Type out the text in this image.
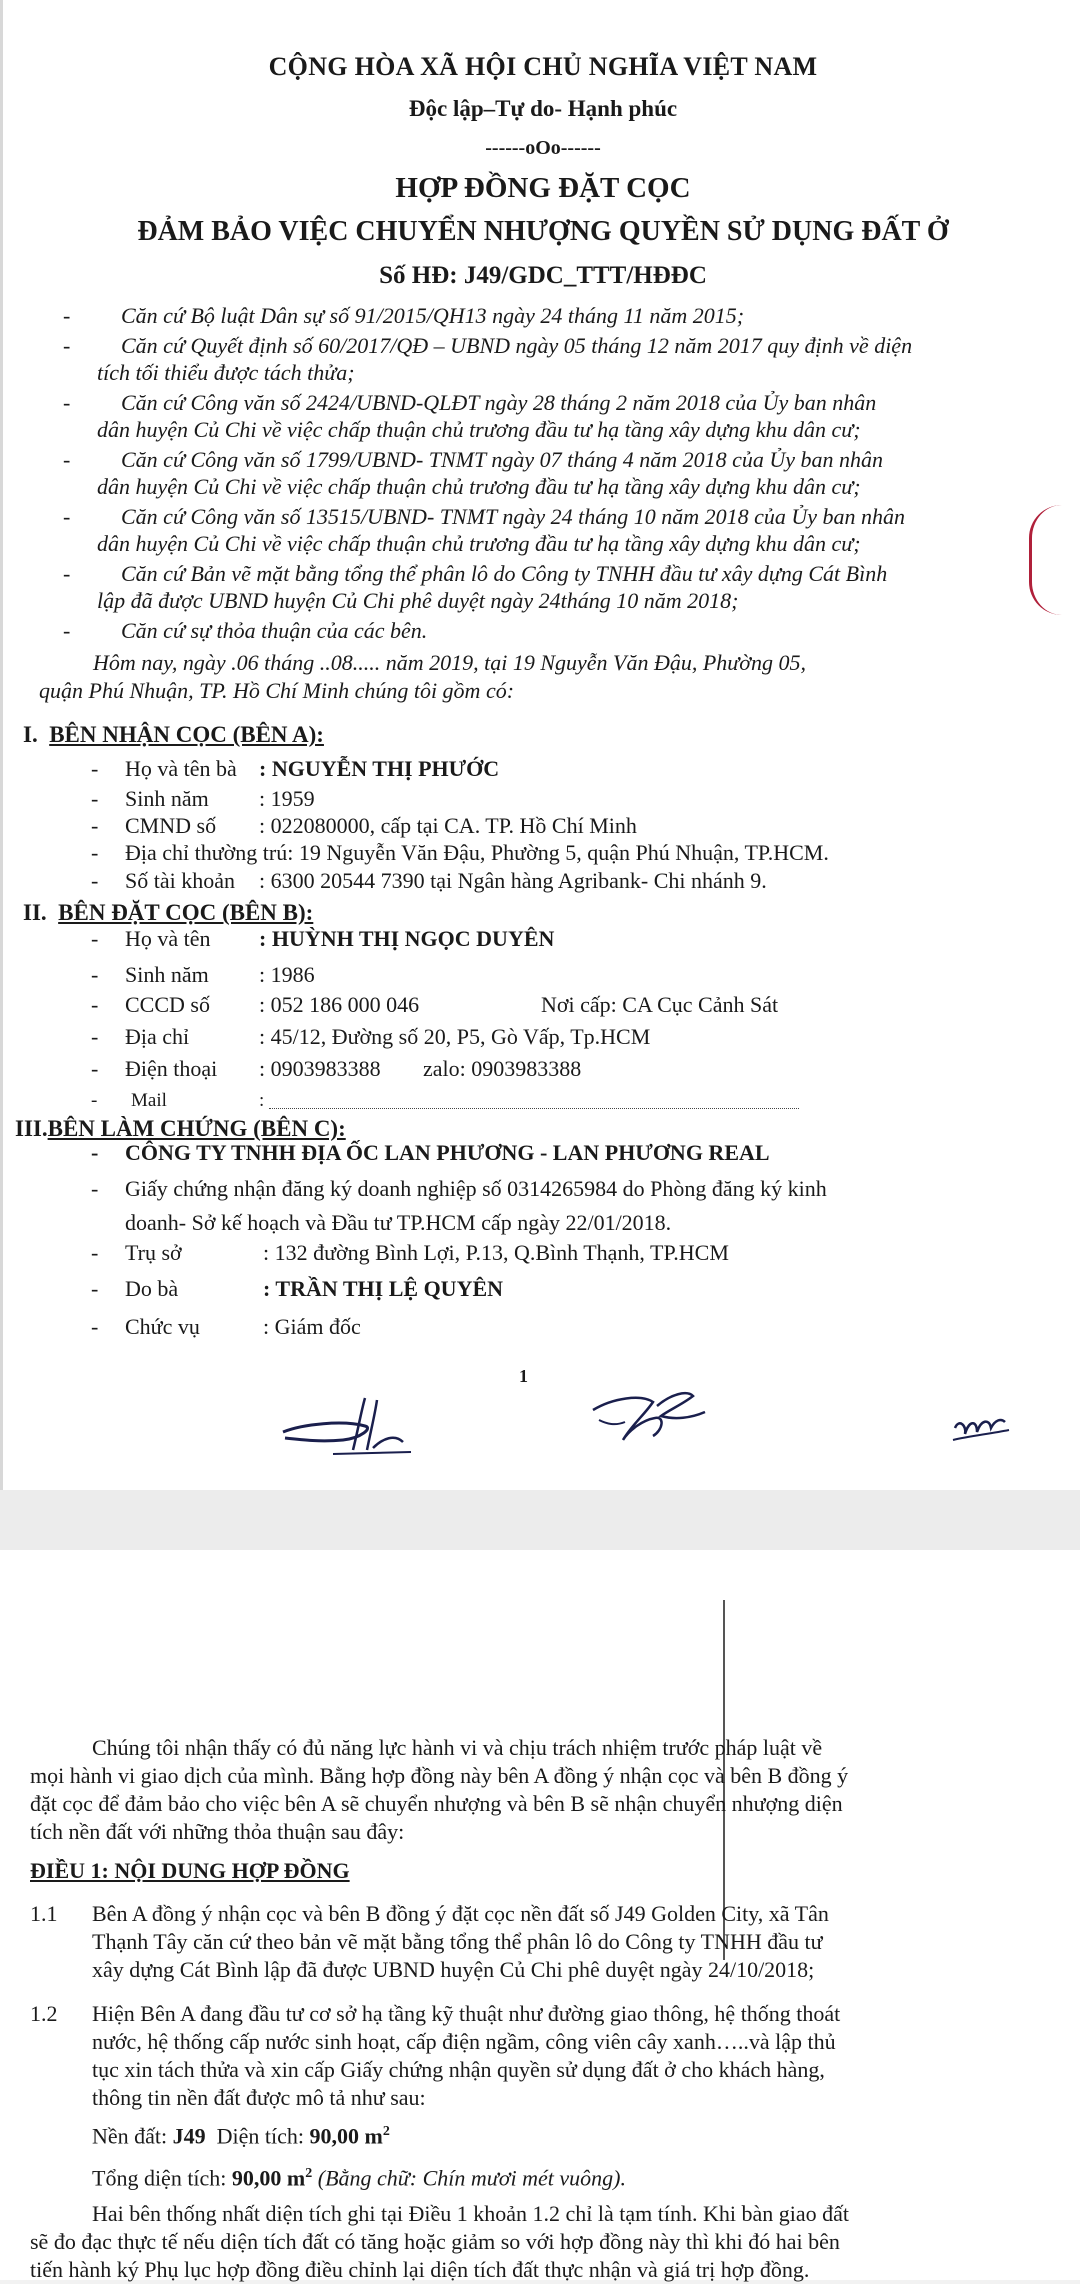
CỘNG HÒA XÃ HỘI CHỦ NGHĨA VIỆT NAM
Độc lập–Tự do- Hạnh phúc
------oOo------
HỢP ĐỒNG ĐẶT CỌC
ĐẢM BẢO VIỆC CHUYỂN NHƯỢNG QUYỀN SỬ DỤNG ĐẤT Ở
Số HĐ: J49/GDC_TTT/HĐĐC
- Căn cứ Bộ luật Dân sự số 91/2015/QH13 ngày 24 tháng 11 năm 2015;
- Căn cứ Quyết định số 60/2017/QĐ – UBND ngày 05 tháng 12 năm 2017 quy định về diện
tích tối thiểu được tách thửa;
- Căn cứ Công văn số 2424/UBND-QLĐT ngày 28 tháng 2 năm 2018 của Ủy ban nhân
dân huyện Củ Chi về việc chấp thuận chủ trương đầu tư hạ tầng xây dựng khu dân cư;
- Căn cứ Công văn số 1799/UBND- TNMT ngày 07 tháng 4 năm 2018 của Ủy ban nhân
dân huyện Củ Chi về việc chấp thuận chủ trương đầu tư hạ tầng xây dựng khu dân cư;
- Căn cứ Công văn số 13515/UBND- TNMT ngày 24 tháng 10 năm 2018 của Ủy ban nhân
dân huyện Củ Chi về việc chấp thuận chủ trương đầu tư hạ tầng xây dựng khu dân cư;
- Căn cứ Bản vẽ mặt bằng tổng thể phân lô do Công ty TNHH đầu tư xây dựng Cát Bình
lập đã được UBND huyện Củ Chi phê duyệt ngày 24tháng 10 năm 2018;
- Căn cứ sự thỏa thuận của các bên.
Hôm nay, ngày .06 tháng ..08..... năm 2019, tại 19 Nguyễn Văn Đậu, Phường 05,
quận Phú Nhuận, TP. Hồ Chí Minh chúng tôi gồm có:
I. BÊN NHẬN CỌC (BÊN A):
- Họ và tên bà : NGUYỄN THỊ PHƯỚC
- Sinh năm : 1959
- CMND số : 022080000, cấp tại CA. TP. Hồ Chí Minh
- Địa chỉ thường trú: 19 Nguyễn Văn Đậu, Phường 5, quận Phú Nhuận, TP.HCM.
- Số tài khoản : 6300 20544 7390 tại Ngân hàng Agribank- Chi nhánh 9.
II. BÊN ĐẶT CỌC (BÊN B):
- Họ và tên : HUỲNH THỊ NGỌC DUYÊN
- Sinh năm : 1986
- CCCD số : 052 186 000 046	Nơi cấp: CA Cục Cảnh Sát
- Địa chỉ	: 45/12, Đường số 20, P5, Gò Vấp, Tp.HCM
- Điện thoại : 0903983388 zalo: 0903983388
- Mail	:
III.BÊN LÀM CHỨNG (BÊN C):
- CÔNG TY TNHH ĐỊA ỐC LAN PHƯƠNG - LAN PHƯƠNG REAL
- Giấy chứng nhận đăng ký doanh nghiệp số 0314265984 do Phòng đăng ký kinh
doanh- Sở kế hoạch và Đầu tư TP.HCM cấp ngày 22/01/2018.
- Trụ sở	: 132 đường Bình Lợi, P.13, Q.Bình Thạnh, TP.HCM
- Do bà	: TRẦN THỊ LỆ QUYÊN
- Chức vụ	: Giám đốc
1
Chúng tôi nhận thấy có đủ năng lực hành vi và chịu trách nhiệm trước pháp luật về
mọi hành vi giao dịch của mình. Bằng hợp đồng này bên A đồng ý nhận cọc và bên B đồng ý
đặt cọc để đảm bảo cho việc bên A sẽ chuyển nhượng và bên B sẽ nhận chuyển nhượng diện
tích nền đất với những thỏa thuận sau đây:
ĐIỀU 1: NỘI DUNG HỢP ĐỒNG
1.1 Bên A đồng ý nhận cọc và bên B đồng ý đặt cọc nền đất số J49 Golden City, xã Tân
Thạnh Tây căn cứ theo bản vẽ mặt bằng tổng thể phân lô do Công ty TNHH đầu tư
xây dựng Cát Bình lập đã được UBND huyện Củ Chi phê duyệt ngày 24/10/2018;
1.2 Hiện Bên A đang đầu tư cơ sở hạ tầng kỹ thuật như đường giao thông, hệ thống thoát
nước, hệ thống cấp nước sinh hoạt, cấp điện ngầm, công viên cây xanh…..và lập thủ
tục xin tách thửa và xin cấp Giấy chứng nhận quyền sử dụng đất ở cho khách hàng,
thông tin nền đất được mô tả như sau:
Nền đất: J49 Diện tích: 90,00 $m^2$
Tổng diện tích: 90,00 $m^2$ (Bằng chữ: Chín mươi mét vuông).
Hai bên thống nhất diện tích ghi tại Điều 1 khoản 1.2 chỉ là tạm tính. Khi bàn giao đất
sẽ đo đạc thực tế nếu diện tích đất có tăng hoặc giảm so với hợp đồng này thì khi đó hai bên
tiến hành ký Phụ lục hợp đồng điều chỉnh lại diện tích đất thực nhận và giá trị hợp đồng.
